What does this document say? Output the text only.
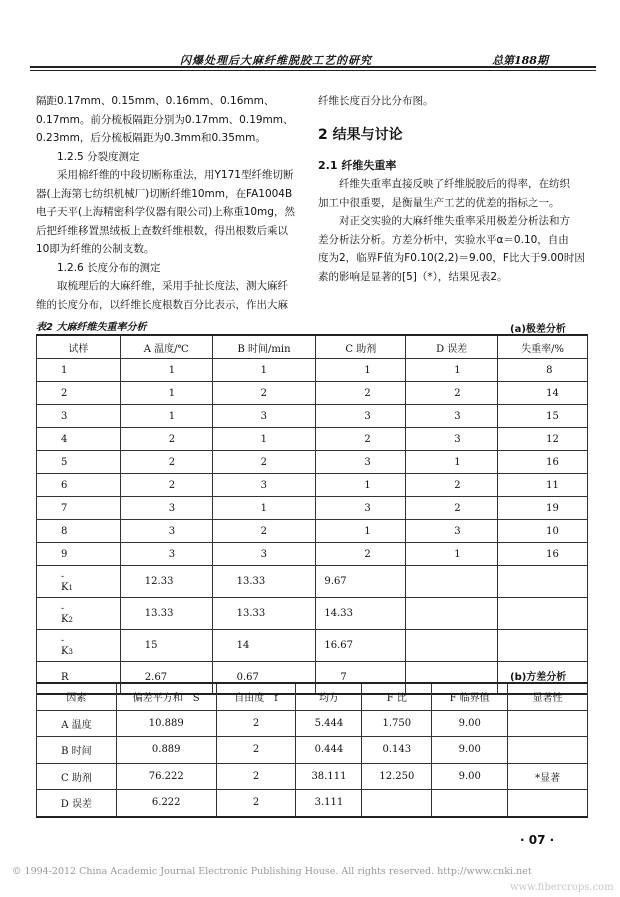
闪爆处理后大麻纤维脱胶工艺的研究	总第188期

隔距0.17mm、0.15mm、0.16mm、0.16mm、

0.17mm。前分梳板隔距分别为0.17mm、0.19mm、

0.23mm，后分梳板隔距为0.3mm和0.35mm。

1.2.5 分裂度测定

采用棉纤维的中段切断称重法，用Y171型纤维切断

器(上海第七纺织机械厂)切断纤维10mm，在FA1004B

电子天平(上海精密科学仪器有限公司)上称重10mg，然

后把纤维移置黑绒板上查数纤维根数，得出根数后乘以

10即为纤维的公制支数。

1.2.6 长度分布的测定

取梳理后的大麻纤维，采用手扯长度法，测大麻纤

维的长度分布，以纤维长度根数百分比表示，作出大麻

纤维长度百分比分布图。

2 结果与讨论

2.1 纤维失重率

纤维失重率直接反映了纤维脱胶后的得率，在纺织

加工中很重要，是衡量生产工艺的优差的指标之一。

对正交实验的大麻纤维失重率采用极差分析法和方

差分析法分析。方差分析中，实验水平α＝0.10，自由

度为2，临界F值为F0.10(2,2)＝9.00，F比大于9.00时因

素的影响是显著的[5]（*），结果见表2。

表2 大麻纤维失重率分析	(a)极差分析
试样	A 温度/℃	B 时间/min	C 助剂	D 误差	失重率/%
1	1	1	1	1	8
2	1	2	2	2	14
3	1	3	3	3	15
4	2	1	2	3	12
5	2	2	3	1	16
6	2	3	1	2	11
7	3	1	3	2	19
8	3	2	1	3	10
9	3	3	2	1	16
-
K1	12.33	13.33	9.67		
-
K2	13.33	13.33	14.33		
-
K3	15	14	16.67		
R	2.67	0.67	7			(b)方差分析
因素	偏差平方和　S	自由度　f	均方	F 比	F 临界值	显著性
A 温度	10.889	2	5.444	1.750	9.00	
B 时间	0.889	2	0.444	0.143	9.00	
C 助剂	76.222	2	38.111	12.250	9.00	*显著
D 误差	6.222	2	3.111			
· 07 ·
© 1994-2012 China Academic Journal Electronic Publishing House. All rights reserved. http://www.cnki.net
www.fibercrops.com
